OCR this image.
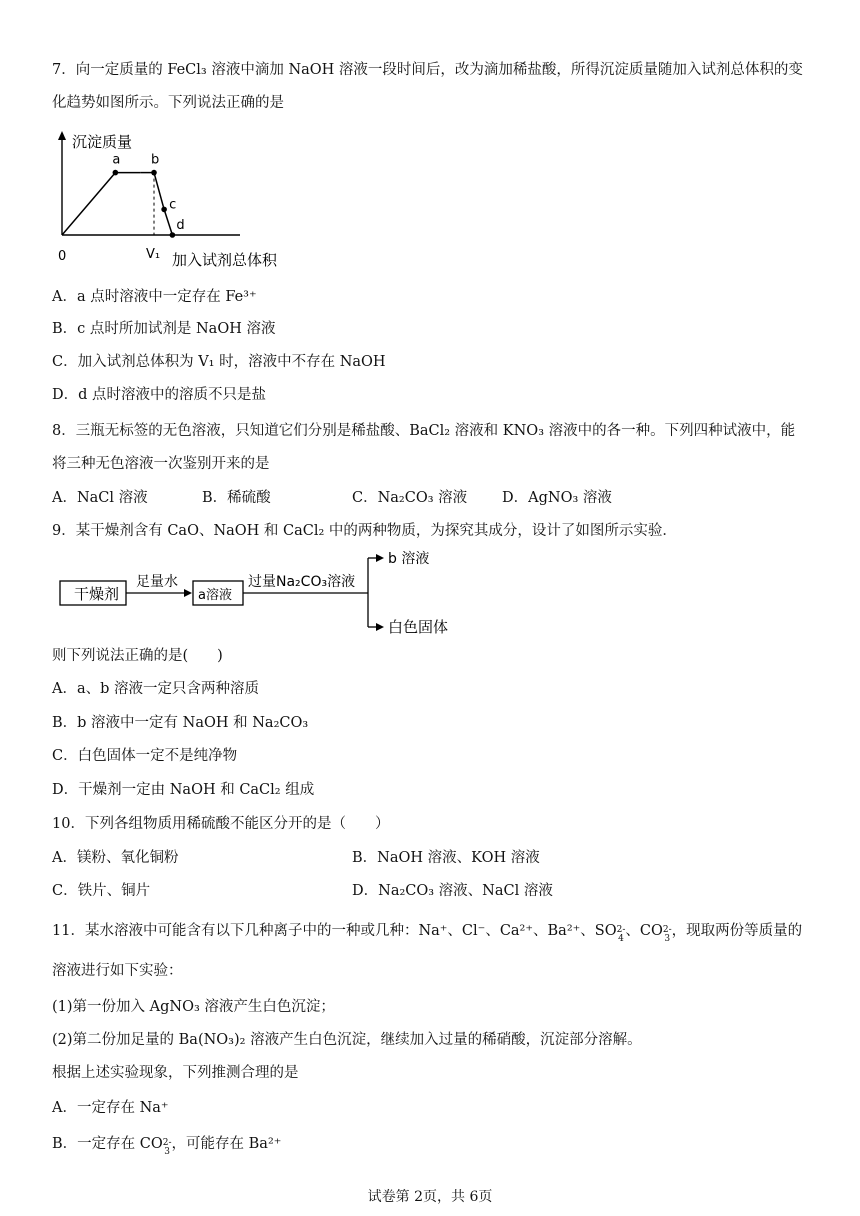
7．向一定质量的 FeCl₃ 溶液中滴加 NaOH 溶液一段时间后，改为滴加稀盐酸，所得沉淀质量随加入试剂总体积的变
化趋势如图所示。下列说法正确的是
沉淀质量
0	V₁ 加入试剂总体积
a b
c
d
A．a 点时溶液中一定存在 Fe³⁺
B．c 点时所加试剂是 NaOH 溶液
C．加入试剂总体积为 V₁ 时，溶液中不存在 NaOH
D．d 点时溶液中的溶质不只是盐
8．三瓶无标签的无色溶液，只知道它们分别是稀盐酸、BaCl₂ 溶液和 KNO₃ 溶液中的各一种。下列四种试液中，能
将三种无色溶液一次鉴别开来的是
A．NaCl 溶液	B．稀硫酸	C．Na₂CO₃ 溶液 D．AgNO₃ 溶液
9．某干燥剂含有 CaO、NaOH 和 CaCl₂ 中的两种物质，为探究其成分，设计了如图所示实验．
干燥剂
足量水
a溶液
过量Na₂CO₃溶液
b 溶液
白色固体
则下列说法正确的是(　　)
A．a、b 溶液一定只含两种溶质
B．b 溶液中一定有 NaOH 和 Na₂CO₃
C．白色固体一定不是纯净物
D．干燥剂一定由 NaOH 和 CaCl₂ 组成
10．下列各组物质用稀硫酸不能区分开的是（　　）
A．镁粉、氧化铜粉	B．NaOH 溶液、KOH 溶液
C．铁片、铜片	D．Na₂CO₃ 溶液、NaCl 溶液
11．某水溶液中可能含有以下几种离子中的一种或几种：Na⁺、Cl⁻、Ca²⁺、Ba²⁺、SO 2-
4 、CO 2-
3 ，现取两份等质量的
溶液进行如下实验：
(1)第一份加入 AgNO₃ 溶液产生白色沉淀；
(2)第二份加足量的 Ba(NO₃)₂ 溶液产生白色沉淀，继续加入过量的稀硝酸，沉淀部分溶解。
根据上述实验现象，下列推测合理的是
A．一定存在 Na⁺
B．一定存在 CO 2-
3 ，可能存在 Ba²⁺
试卷第 2页，共 6页
